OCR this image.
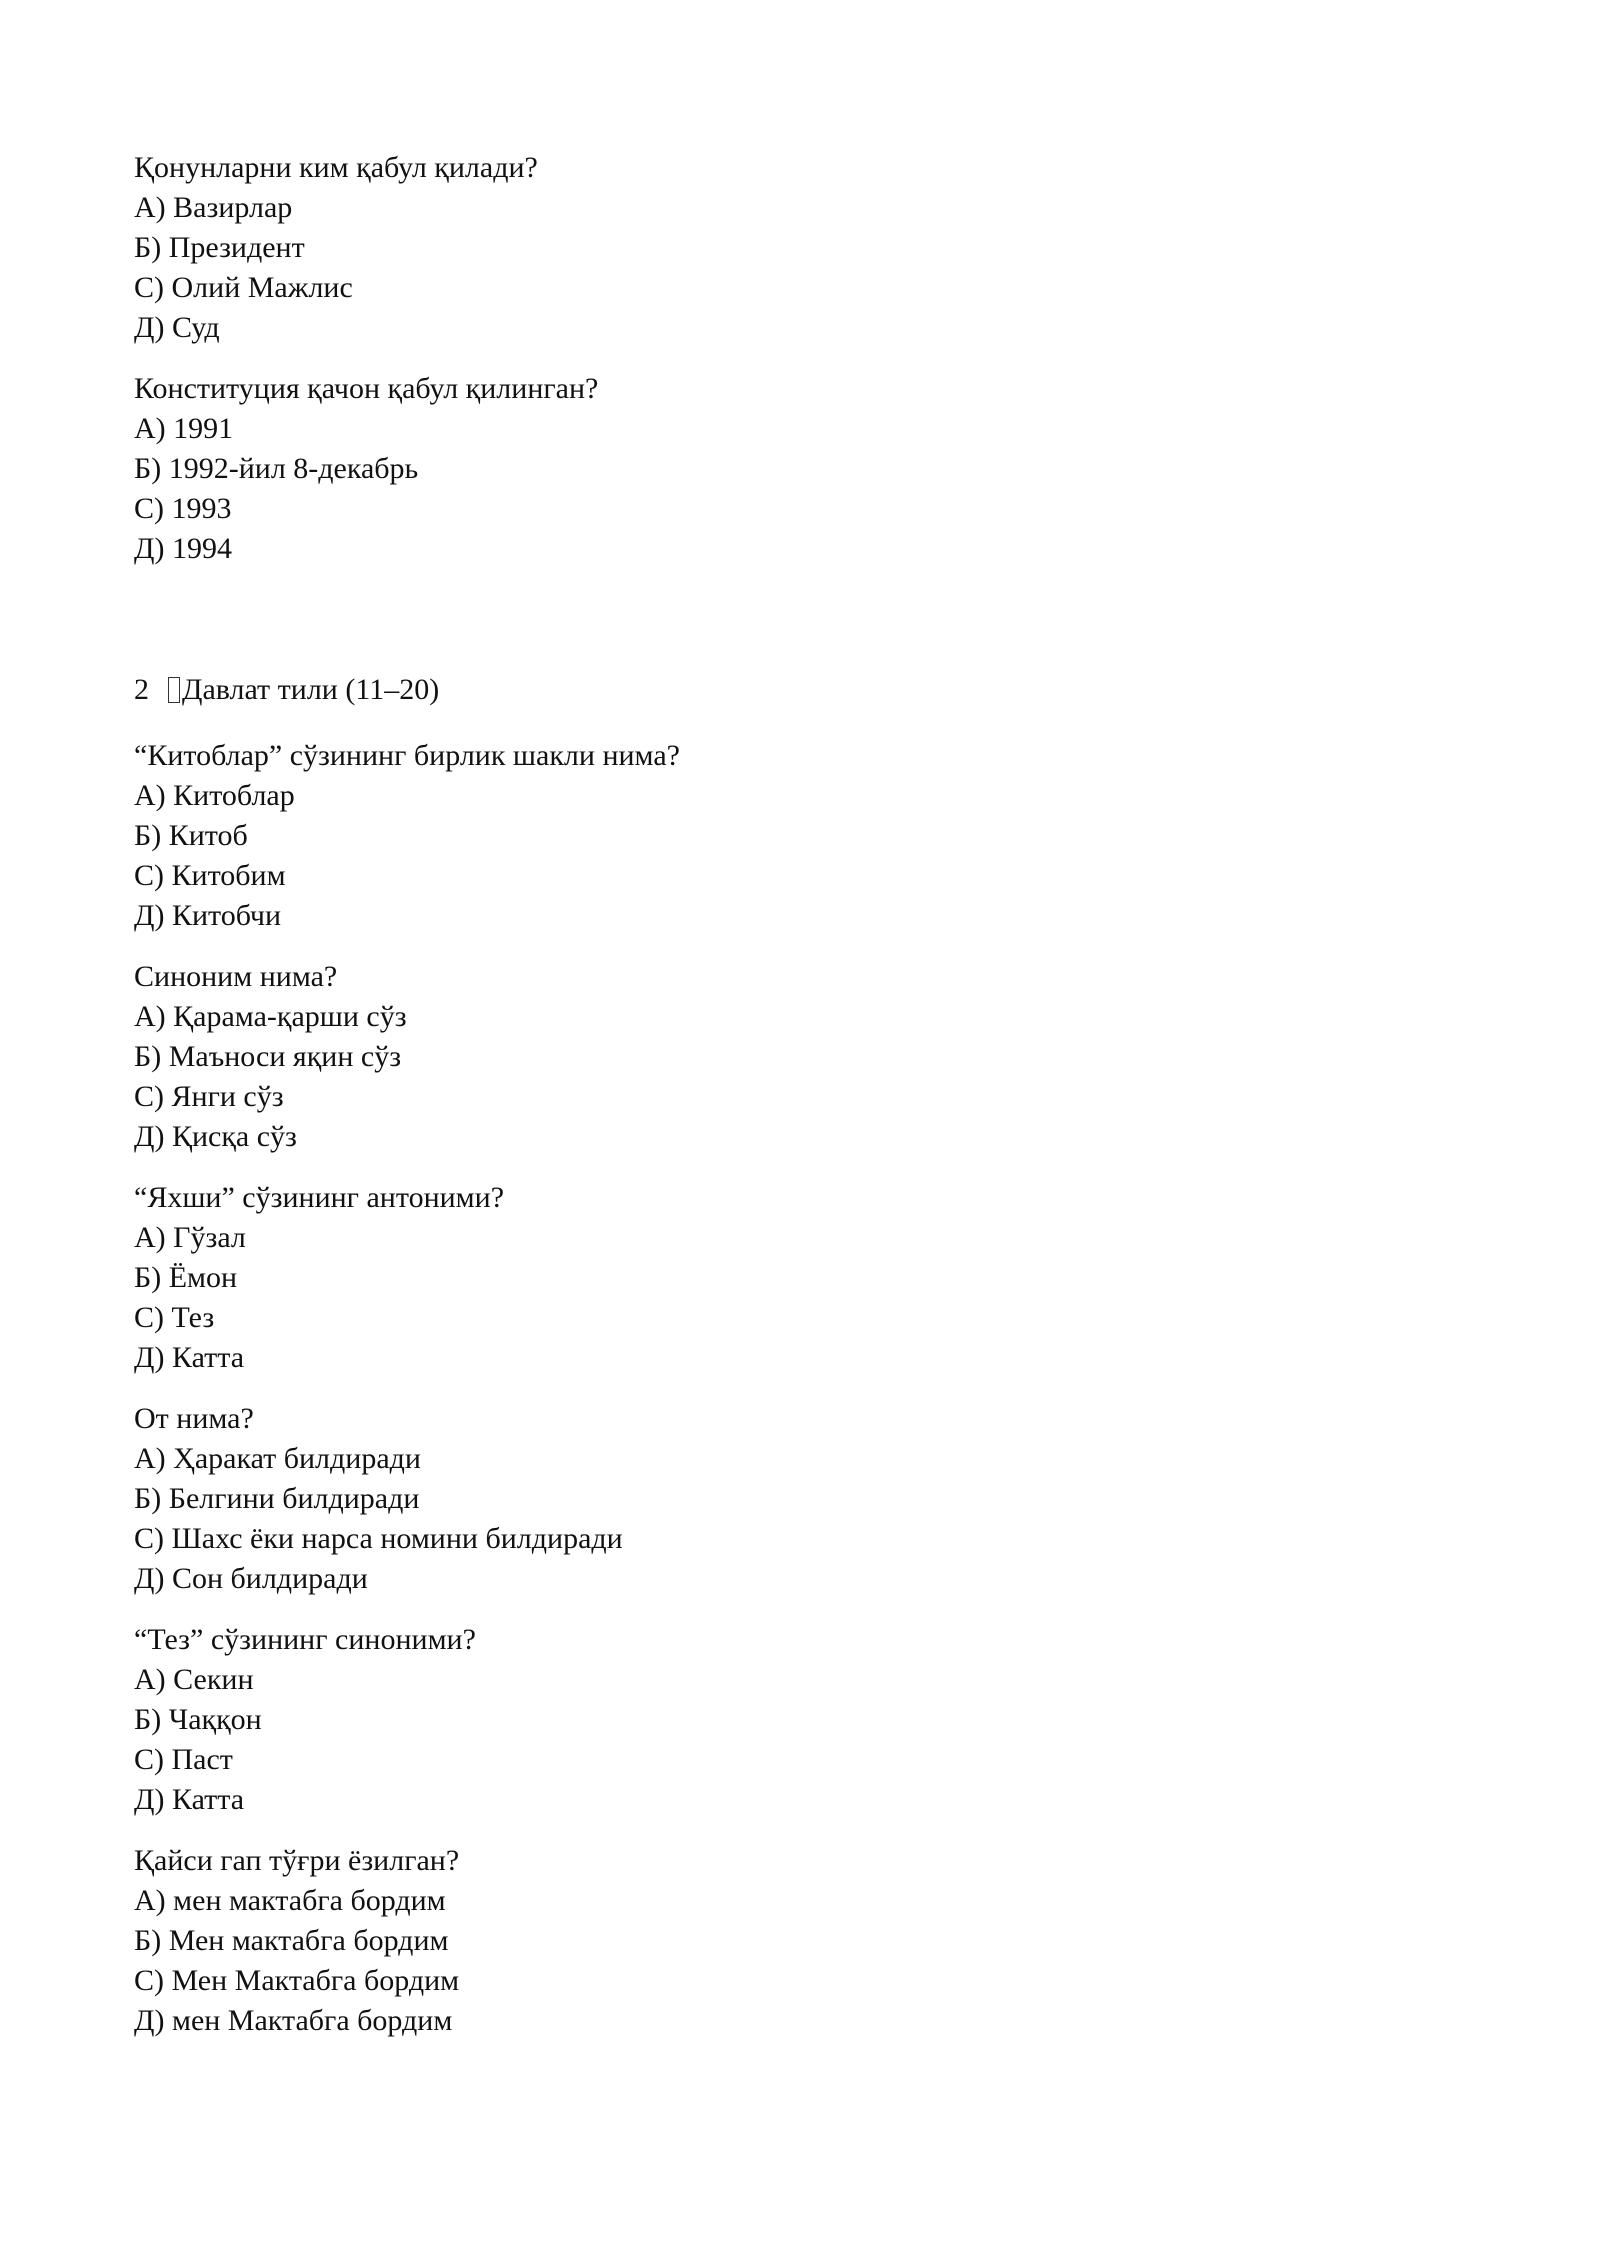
Қонунларни ким қабул қилади?
А) Вазирлар
Б) Президент
С) Олий Мажлис
Д) Суд
Конституция қачон қабул қилинган?
А) 1991
Б) 1992-йил 8-декабрь
С) 1993
Д) 1994
2 Давлат тили (11–20)
“Китоблар” сўзининг бирлик шакли нима?
А) Китоблар
Б) Китоб
С) Китобим
Д) Китобчи
Синоним нима?
А) Қарама-қарши сўз
Б) Маъноси яқин сўз
С) Янги сўз
Д) Қисқа сўз
“Яхши” сўзининг антоними?
А) Гўзал
Б) Ёмон
С) Тез
Д) Катта
От нима?
А) Ҳаракат билдиради
Б) Белгини билдиради
С) Шахс ёки нарса номини билдиради
Д) Сон билдиради
“Тез” сўзининг синоними?
А) Секин
Б) Чаққон
С) Паст
Д) Катта
Қайси гап тўғри ёзилган?
А) мен мактабга бордим
Б) Мен мактабга бордим
С) Мен Мактабга бордим
Д) мен Мактабга бордим
